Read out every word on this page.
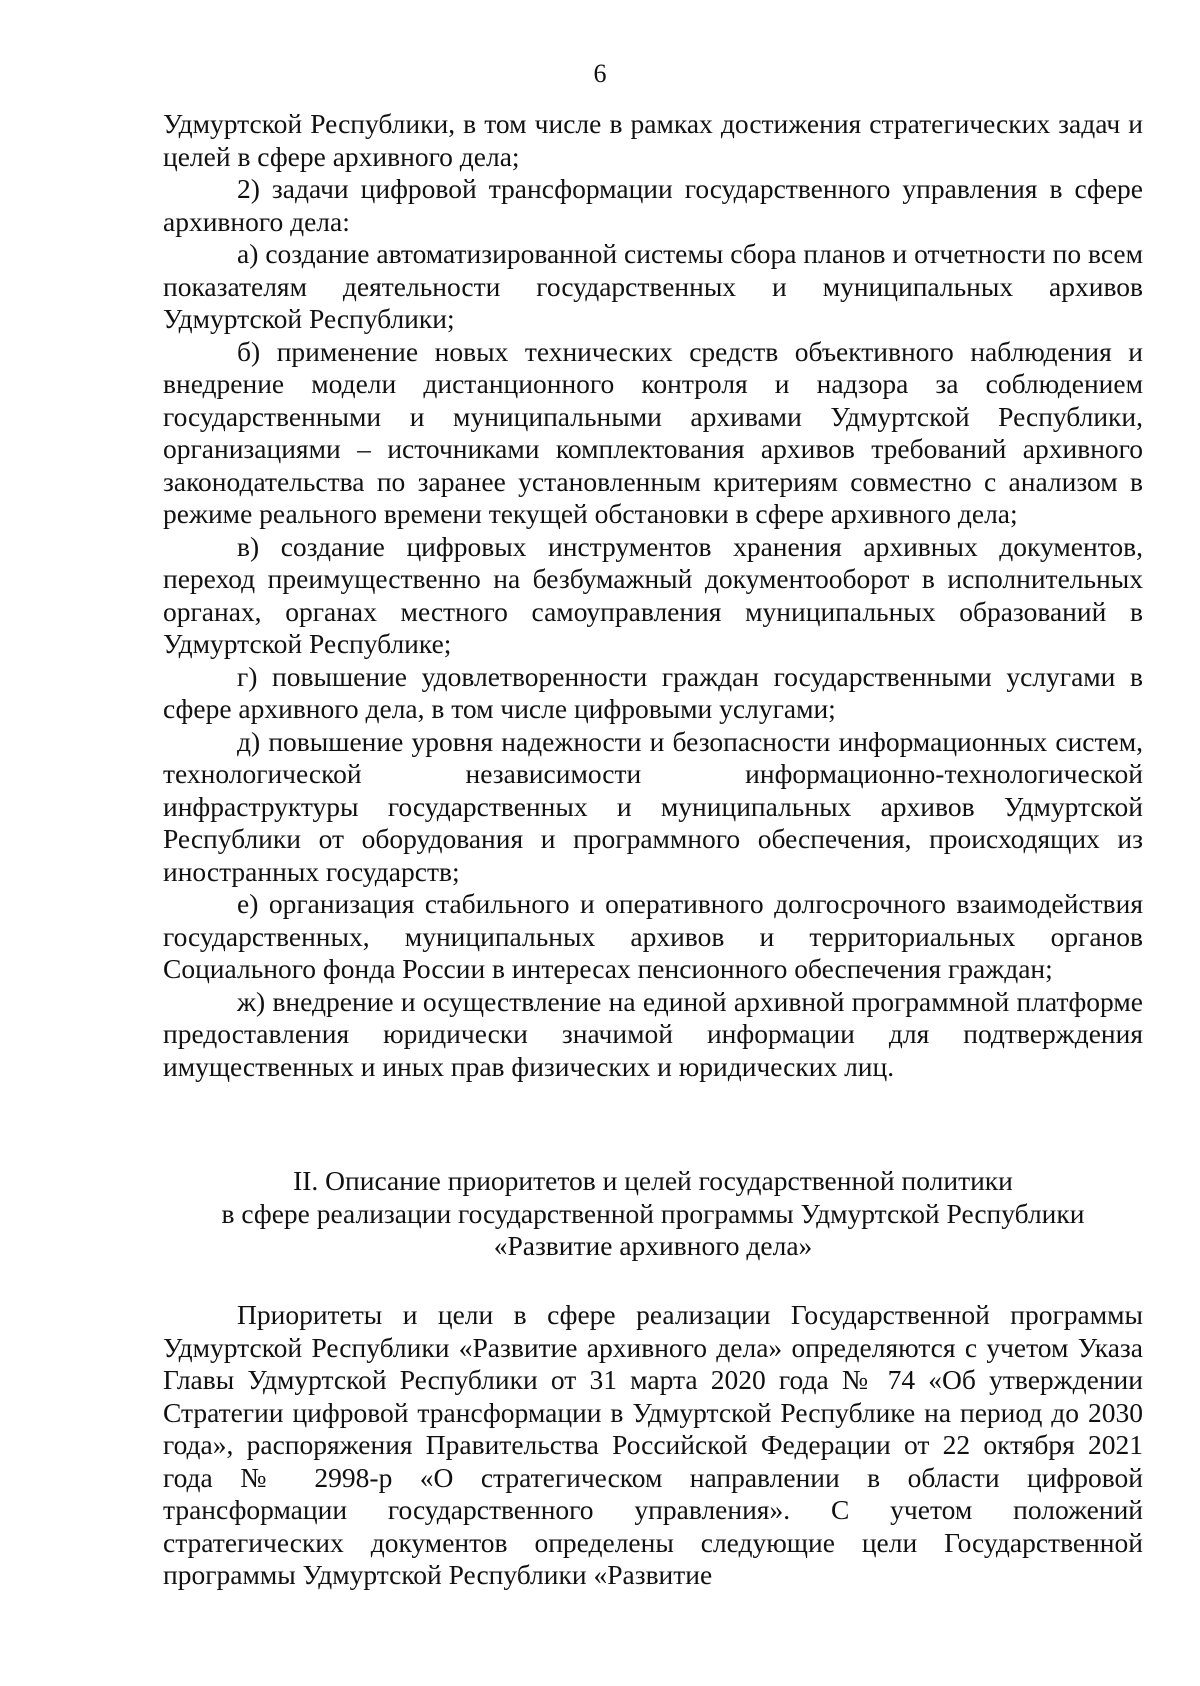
6

Удмуртской Республики, в том числе в рамках достижения стратегических задач и целей в сфере архивного дела;

2) задачи цифровой трансформации государственного управления в сфере архивного дела:

а) создание автоматизированной системы сбора планов и отчетности по всем показателям деятельности государственных и муниципальных архивов Удмуртской Республики;

б) применение новых технических средств объективного наблюдения и внедрение модели дистанционного контроля и надзора за соблюдением государственными и муниципальными архивами Удмуртской Республики, организациями – источниками комплектования архивов требований архивного законодательства по заранее установленным критериям совместно с анализом в режиме реального времени текущей обстановки в сфере архивного дела;

в) создание цифровых инструментов хранения архивных документов, переход преимущественно на безбумажный документооборот в исполнительных органах, органах местного самоуправления муниципальных образований в Удмуртской Республике;

г) повышение удовлетворенности граждан государственными услугами в сфере архивного дела, в том числе цифровыми услугами;

д) повышение уровня надежности и безопасности информационных систем, технологической независимости информационно-технологической инфраструктуры государственных и муниципальных архивов Удмуртской Республики от оборудования и программного обеспечения, происходящих из иностранных государств;

е) организация стабильного и оперативного долгосрочного взаимодействия государственных, муниципальных архивов и территориальных органов Социального фонда России в интересах пенсионного обеспечения граждан;

ж) внедрение и осуществление на единой архивной программной платформе предоставления юридически значимой информации для подтверждения имущественных и иных прав физических и юридических лиц.

II. Описание приоритетов и целей государственной политики
в сфере реализации государственной программы Удмуртской Республики
«Развитие архивного дела»

Приоритеты и цели в сфере реализации Государственной программы Удмуртской Республики «Развитие архивного дела» определяются с учетом Указа Главы Удмуртской Республики от 31 марта 2020 года № 74 «Об утверждении Стратегии цифровой трансформации в Удмуртской Республике на период до 2030 года», распоряжения Правительства Российской Федерации от 22 октября 2021 года № 2998-р «О стратегическом направлении в области цифровой трансформации государственного управления». С учетом положений стратегических документов определены следующие цели Государственной программы Удмуртской Республики «Развитие
